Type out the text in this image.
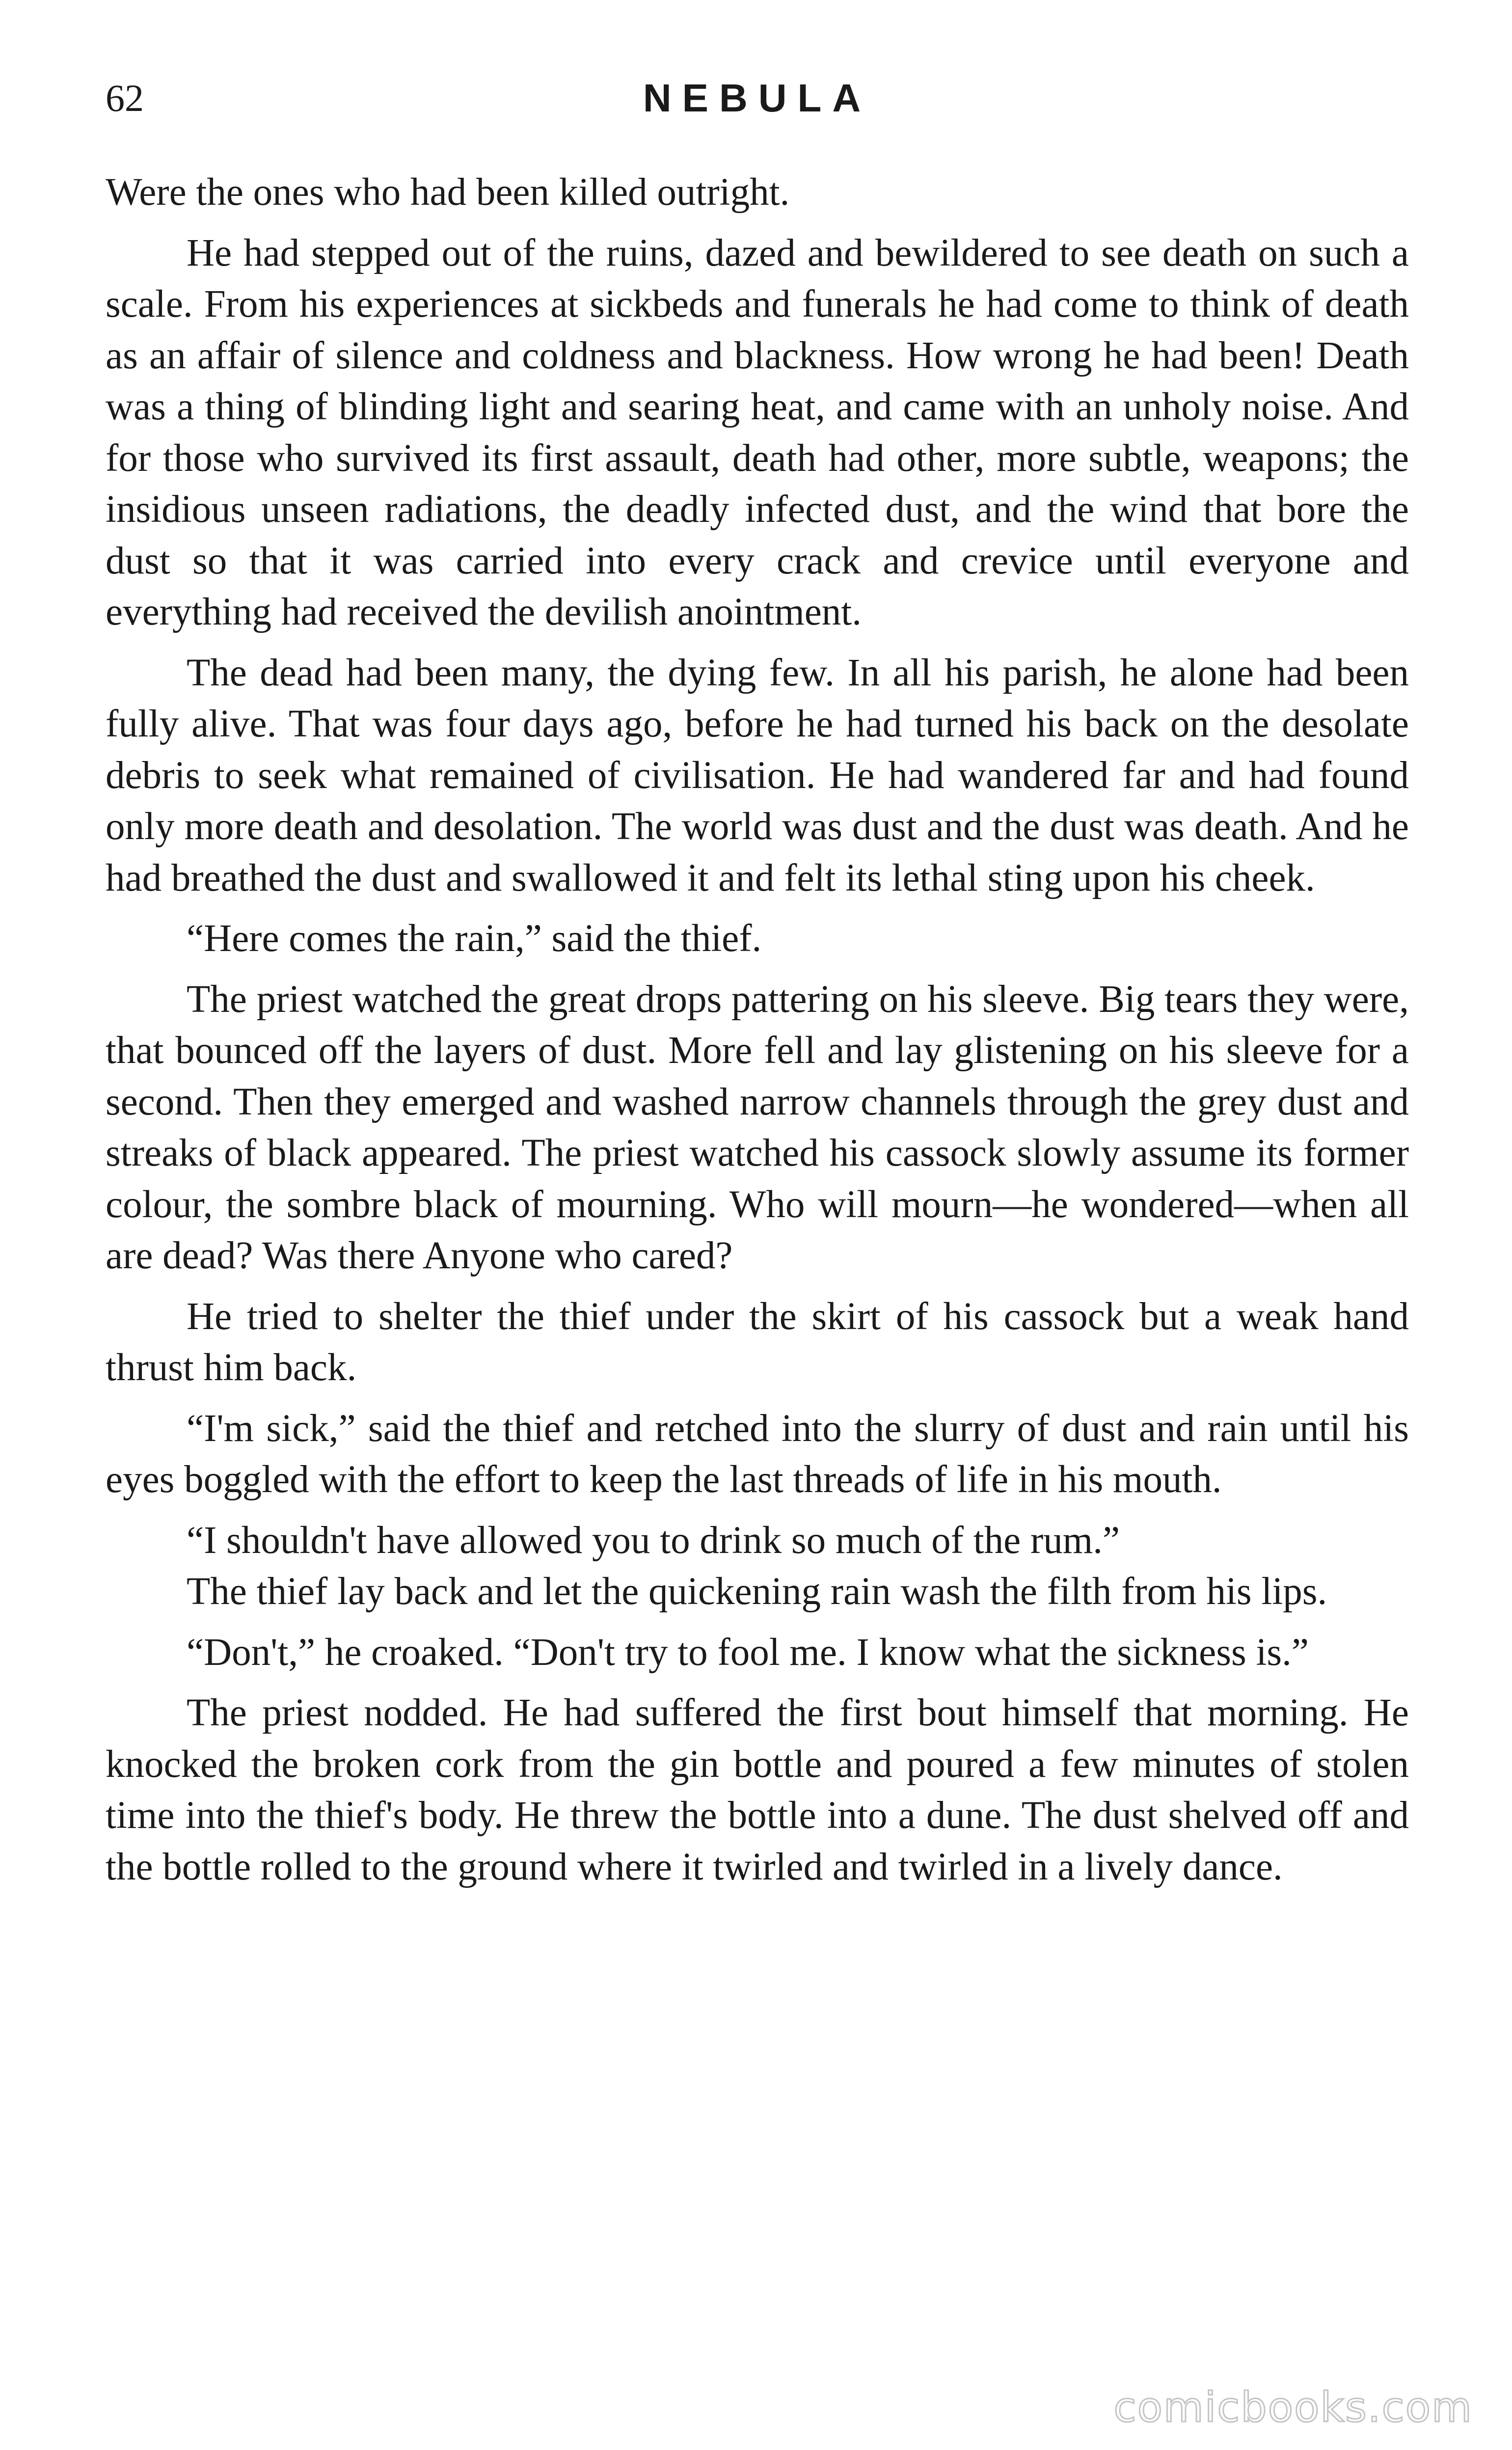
62	NEBULA

Were the ones who had been killed outright.

He had stepped out of the ruins, dazed and bewildered to see death on such a scale. From his experiences at sickbeds and funerals he had come to think of death as an affair of silence and coldness and blackness. How wrong he had been! Death was a thing of blinding light and searing heat, and came with an unholy noise. And for those who survived its first assault, death had other, more subtle, weapons; the insidious unseen radiations, the deadly infected dust, and the wind that bore the dust so that it was carried into every crack and crevice until everyone and everything had received the devilish anointment.

The dead had been many, the dying few. In all his parish, he alone had been fully alive. That was four days ago, before he had turned his back on the desolate debris to seek what remained of civilisation. He had wandered far and had found only more death and desolation. The world was dust and the dust was death. And he had breathed the dust and swallowed it and felt its lethal sting upon his cheek.

“Here comes the rain,” said the thief.

The priest watched the great drops pattering on his sleeve. Big tears they were, that bounced off the layers of dust. More fell and lay glistening on his sleeve for a second. Then they emerged and washed narrow channels through the grey dust and streaks of black appeared. The priest watched his cassock slowly assume its former colour, the sombre black of mourning. Who will mourn—he wondered—when all are dead? Was there Anyone who cared?

He tried to shelter the thief under the skirt of his cassock but a weak hand thrust him back.

“I'm sick,” said the thief and retched into the slurry of dust and rain until his eyes boggled with the effort to keep the last threads of life in his mouth.

“I shouldn't have allowed you to drink so much of the rum.”

The thief lay back and let the quickening rain wash the filth from his lips.

“Don't,” he croaked. “Don't try to fool me. I know what the sickness is.”

The priest nodded. He had suffered the first bout himself that morning. He knocked the broken cork from the gin bottle and poured a few minutes of stolen time into the thief's body. He threw the bottle into a dune. The dust shelved off and the bottle rolled to the ground where it twirled and twirled in a lively dance.

comicbooks.com
